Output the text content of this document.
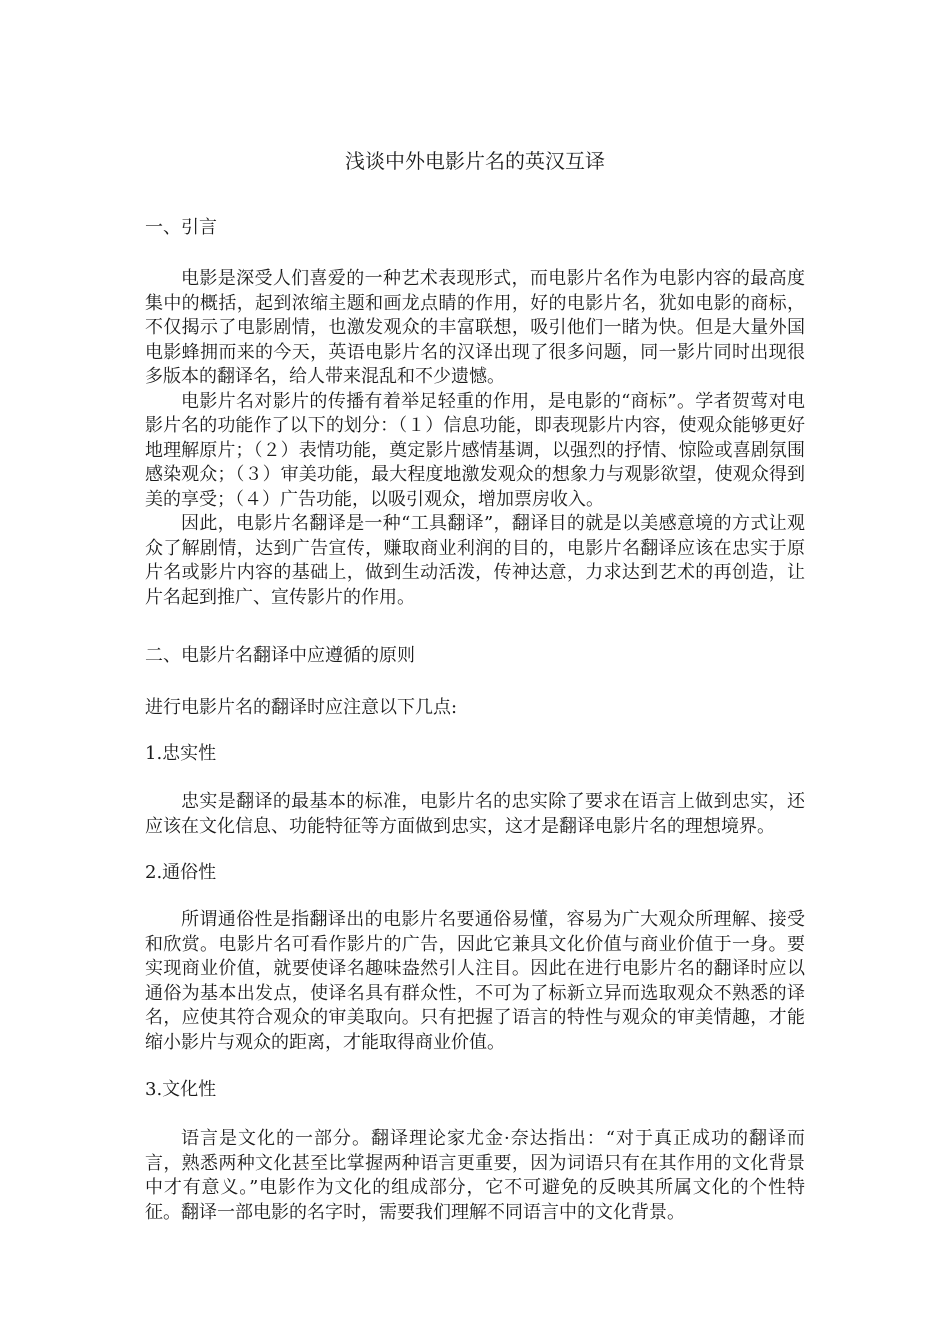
浅谈中外电影片名的英汉互译
一、引言

电影是深受人们喜爱的一种艺术表现形式，而电影片名作为电影内容的最高度集中的概括，起到浓缩主题和画龙点睛的作用，好的电影片名，犹如电影的商标，不仅揭示了电影剧情，也激发观众的丰富联想，吸引他们一睹为快。但是大量外国电影蜂拥而来的今天，英语电影片名的汉译出现了很多问题，同一影片同时出现很多版本的翻译名，给人带来混乱和不少遗憾。

电影片名对影片的传播有着举足轻重的作用，是电影的“商标”。学者贺莺对电影片名的功能作了以下的划分：（１）信息功能，即表现影片内容，使观众能够更好地理解原片；（２）表情功能，奠定影片感情基调，以强烈的抒情、惊险或喜剧氛围感染观众；（３）审美功能，最大程度地激发观众的想象力与观影欲望，使观众得到美的享受；（４）广告功能，以吸引观众，增加票房收入。

因此，电影片名翻译是一种“工具翻译”，翻译目的就是以美感意境的方式让观众了解剧情，达到广告宣传，赚取商业利润的目的，电影片名翻译应该在忠实于原片名或影片内容的基础上，做到生动活泼，传神达意，力求达到艺术的再创造，让片名起到推广、宣传影片的作用。

二、电影片名翻译中应遵循的原则
进行电影片名的翻译时应注意以下几点:
1.忠实性

忠实是翻译的最基本的标准，电影片名的忠实除了要求在语言上做到忠实，还应该在文化信息、功能特征等方面做到忠实，这才是翻译电影片名的理想境界。

2.通俗性

所谓通俗性是指翻译出的电影片名要通俗易懂，容易为广大观众所理解、接受和欣赏。电影片名可看作影片的广告，因此它兼具文化价值与商业价值于一身。要实现商业价值，就要使译名趣味盎然引人注目。因此在进行电影片名的翻译时应以通俗为基本出发点，使译名具有群众性，不可为了标新立异而选取观众不熟悉的译名，应使其符合观众的审美取向。只有把握了语言的特性与观众的审美情趣，才能缩小影片与观众的距离，才能取得商业价值。

3.文化性

语言是文化的一部分。翻译理论家尤金·奈达指出：“对于真正成功的翻译而言，熟悉两种文化甚至比掌握两种语言更重要，因为词语只有在其作用的文化背景中才有意义。”电影作为文化的组成部分，它不可避免的反映其所属文化的个性特征。翻译一部电影的名字时，需要我们理解不同语言中的文化背景。
